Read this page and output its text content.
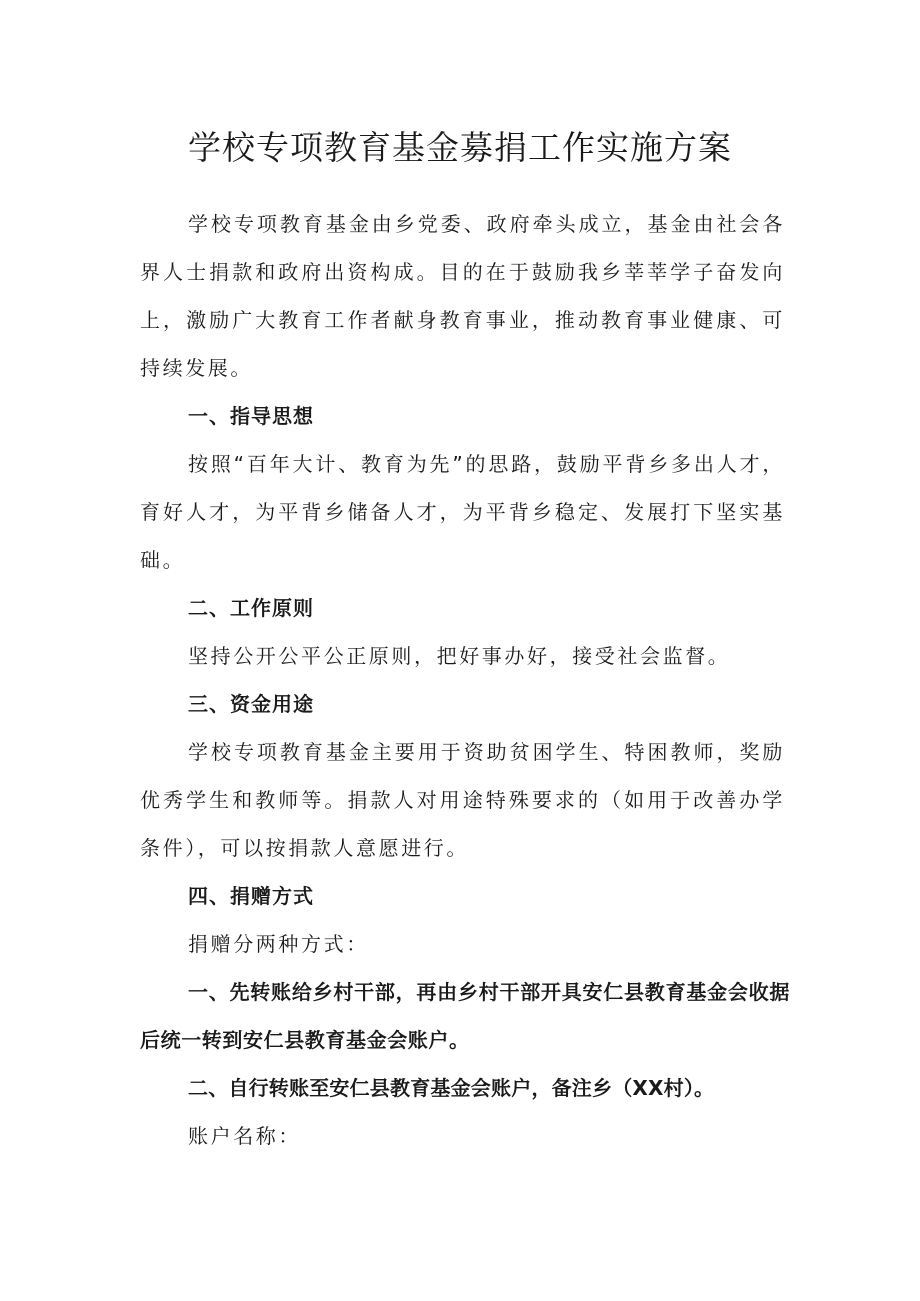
学校专项教育基金募捐工作实施方案

学校专项教育基金由乡党委、政府牵头成立，基金由社会各界人士捐款和政府出资构成。目的在于鼓励我乡莘莘学子奋发向上，激励广大教育工作者献身教育事业，推动教育事业健康、可持续发展。

一、指导思想

按照“百年大计、教育为先”的思路，鼓励平背乡多出人才，育好人才，为平背乡储备人才，为平背乡稳定、发展打下坚实基础。

二、工作原则

坚持公开公平公正原则，把好事办好，接受社会监督。

三、资金用途

学校专项教育基金主要用于资助贫困学生、特困教师，奖励优秀学生和教师等。捐款人对用途特殊要求的（如用于改善办学条件），可以按捐款人意愿进行。

四、捐赠方式

捐赠分两种方式：

一、先转账给乡村干部，再由乡村干部开具安仁县教育基金会收据后统一转到安仁县教育基金会账户。

二、自行转账至安仁县教育基金会账户，备注乡（XX村）。

账户名称：
